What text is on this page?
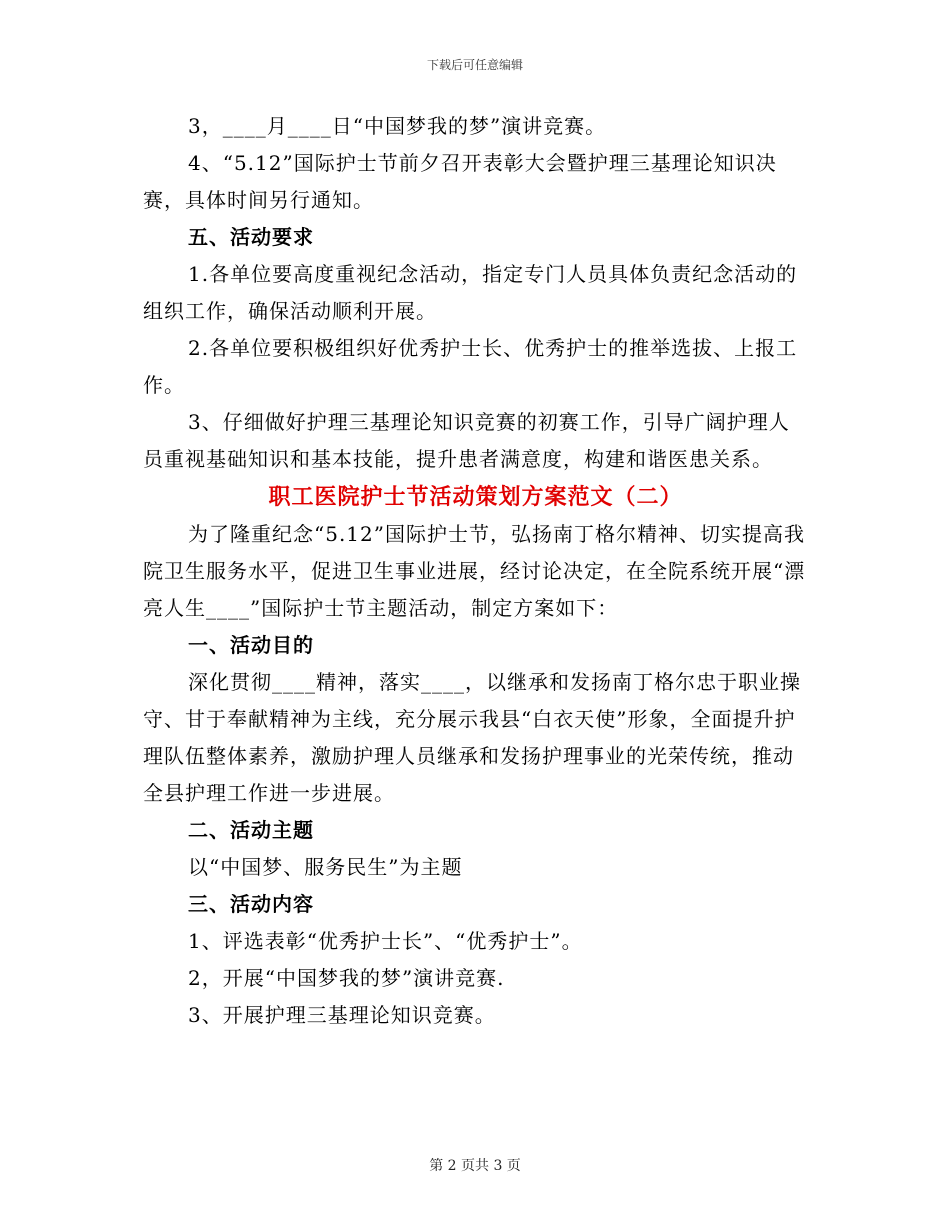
下载后可任意编辑

3，____月____日“中国梦我的梦”演讲竞赛。

4、“5.12”国际护士节前夕召开表彰大会暨护理三基理论知识决赛，具体时间另行通知。

五、活动要求

1.各单位要高度重视纪念活动，指定专门人员具体负责纪念活动的组织工作，确保活动顺利开展。

2.各单位要积极组织好优秀护士长、优秀护士的推举选拔、上报工作。

3、仔细做好护理三基理论知识竞赛的初赛工作，引导广阔护理人员重视基础知识和基本技能，提升患者满意度，构建和谐医患关系。

职工医院护士节活动策划方案范文（二）

为了隆重纪念“5.12”国际护士节，弘扬南丁格尔精神、切实提高我院卫生服务水平，促进卫生事业进展，经讨论决定，在全院系统开展“漂亮人生____”国际护士节主题活动，制定方案如下：

一、活动目的

深化贯彻____精神，落实____，以继承和发扬南丁格尔忠于职业操守、甘于奉献精神为主线，充分展示我县“白衣天使”形象，全面提升护理队伍整体素养，激励护理人员继承和发扬护理事业的光荣传统，推动全县护理工作进一步进展。

二、活动主题

以“中国梦、服务民生”为主题

三、活动内容

1、评选表彰“优秀护士长”、“优秀护士”。

2，开展“中国梦我的梦”演讲竞赛.

3、开展护理三基理论知识竞赛。

第 2 页共 3 页
